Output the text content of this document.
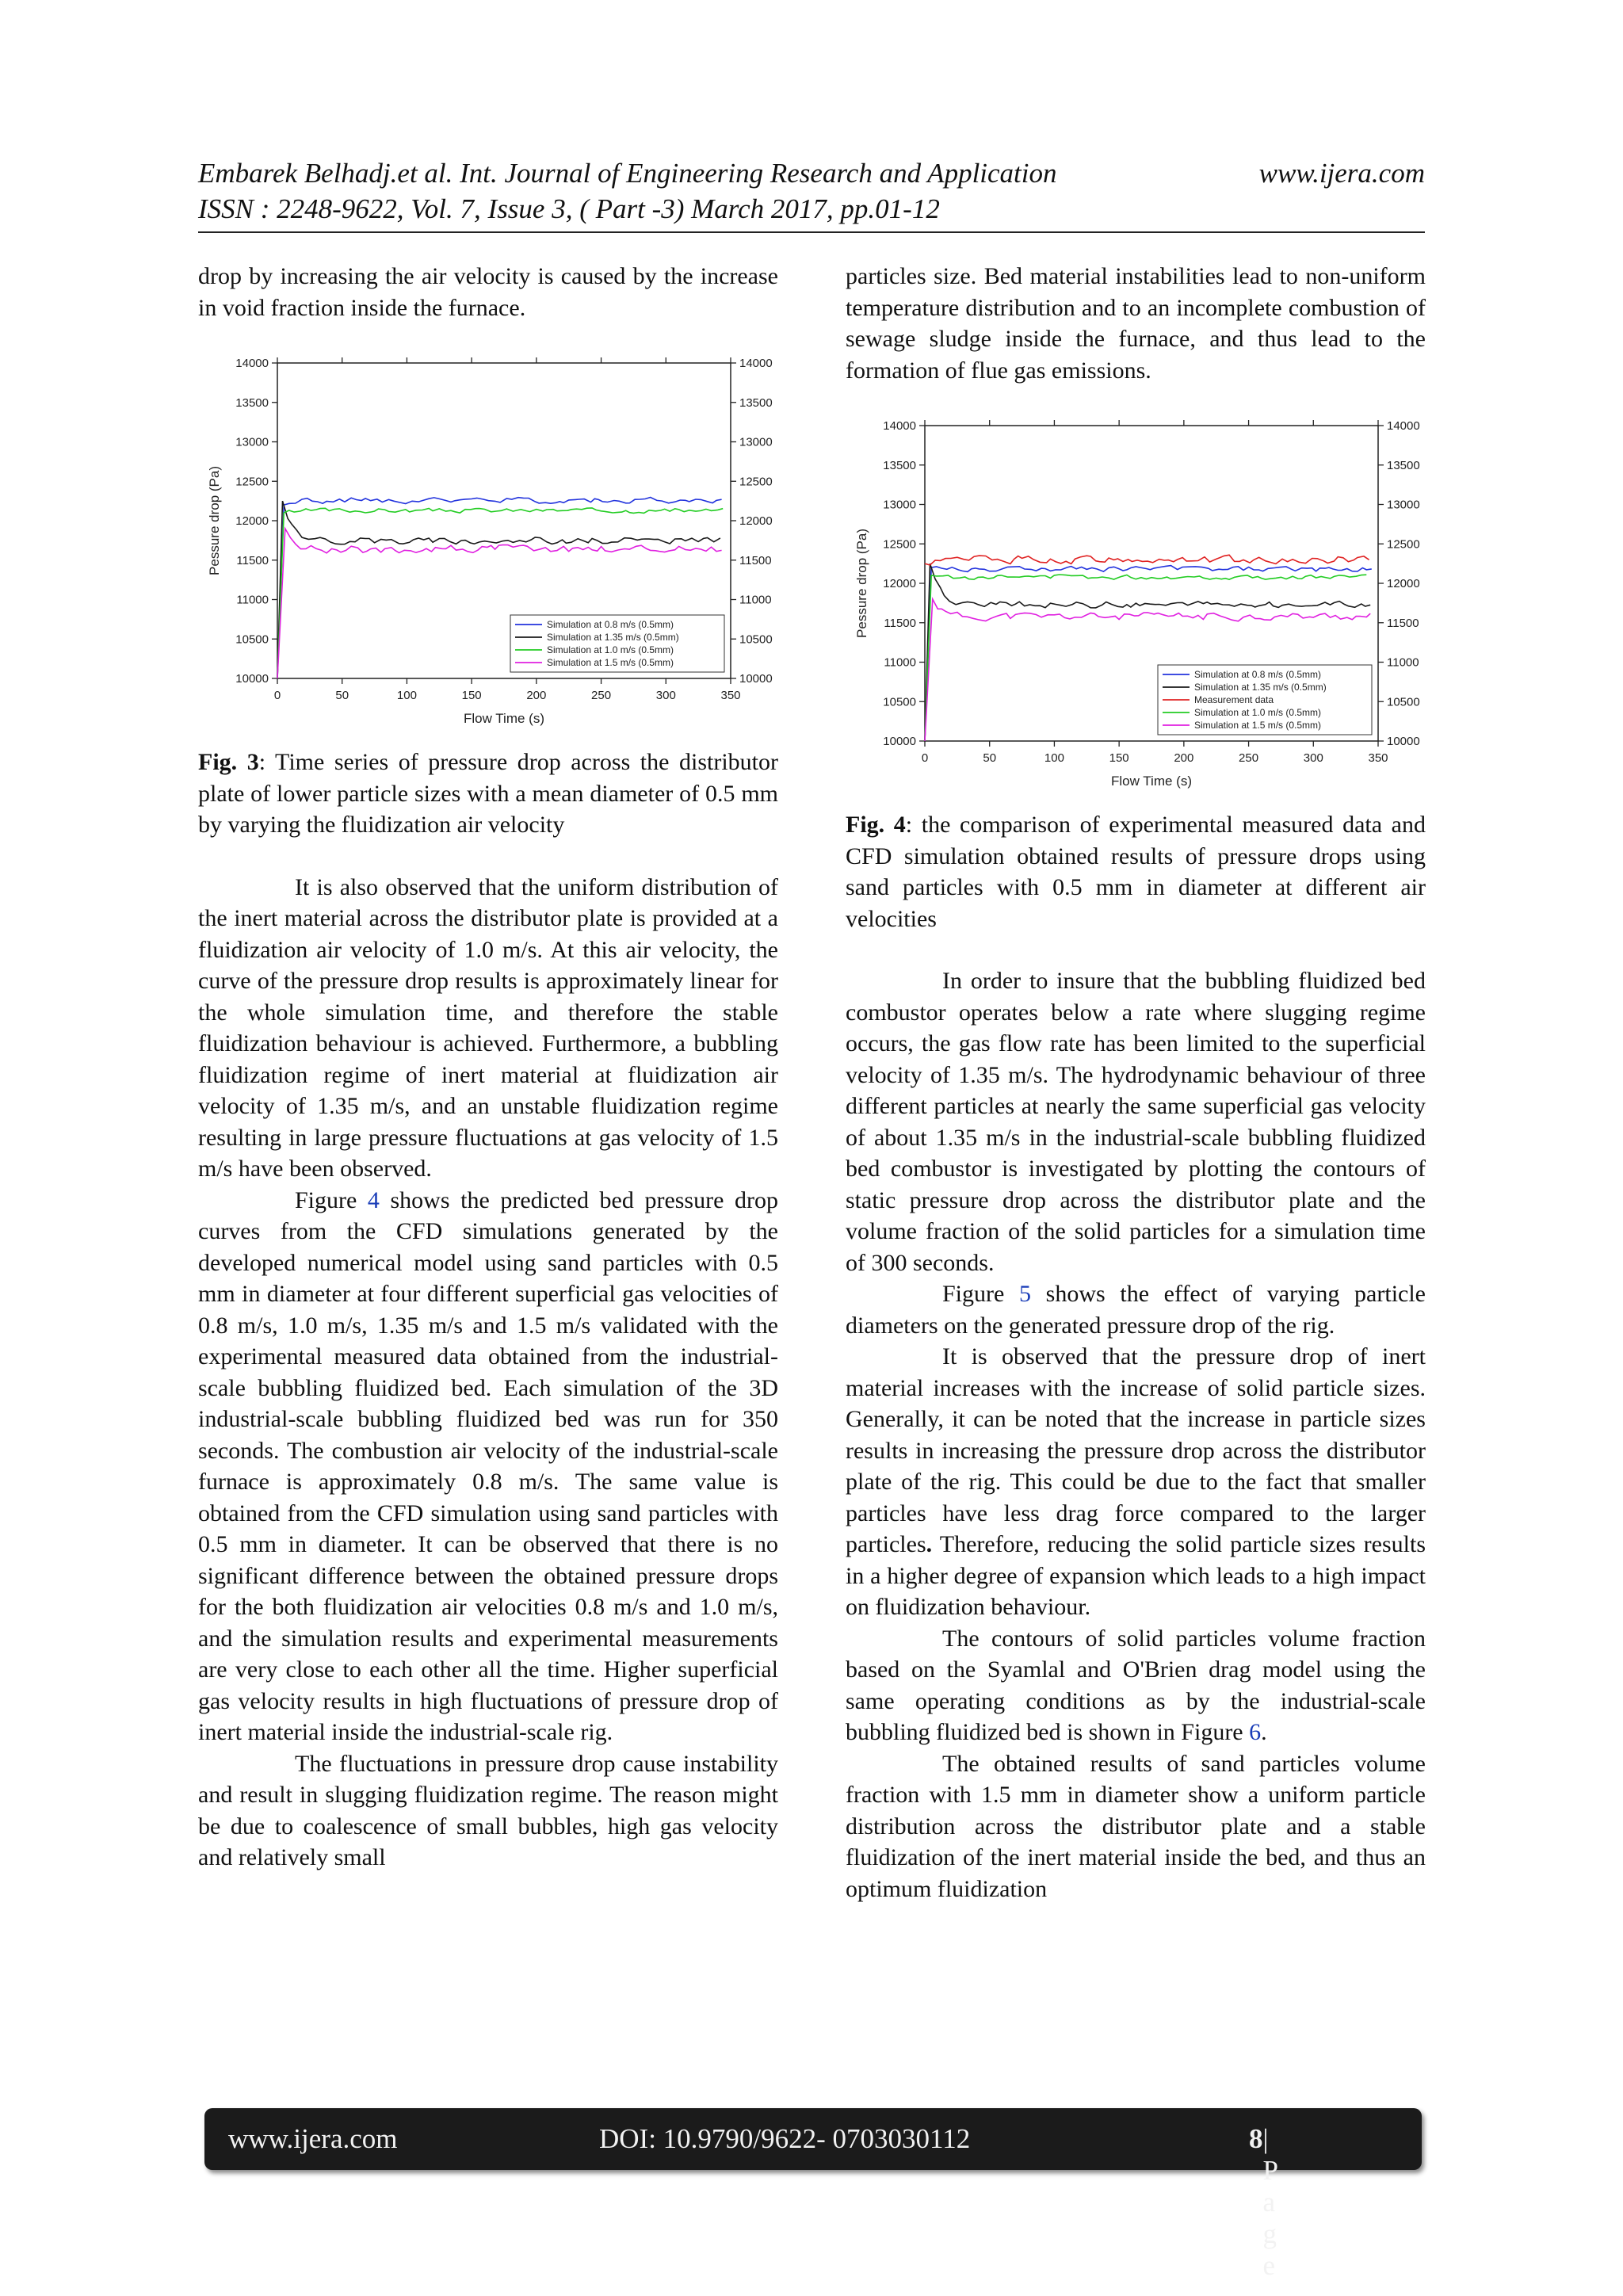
Embarek Belhadj.et al. Int. Journal of Engineering Research and Application	www.ijera.com
ISSN : 2248-9622, Vol. 7, Issue 3, ( Part -3) March 2017, pp.01-12

drop by increasing the air velocity is caused by the increase in void fraction inside the furnace.

10000	10000
10500	10500
11000	11000
11500	11500
12000	12000
12500	12500
13000	13000
13500	13500
14000	14000
0	50	100	150	200	250	300	350
Flow Time (s)
Pessure drop (Pa)
Simulation at 0.8 m/s (0.5mm)
Simulation at 1.35 m/s (0.5mm)
Simulation at 1.0 m/s (0.5mm)
Simulation at 1.5 m/s (0.5mm)

Fig. 3: Time series of pressure drop across the distributor plate of lower particle sizes with a mean diameter of 0.5 mm by varying the fluidization air velocity

It is also observed that the uniform distribution of the inert material across the distributor plate is provided at a fluidization air velocity of 1.0 m/s. At this air velocity, the curve of the pressure drop results is approximately linear for the whole simulation time, and therefore the stable fluidization behaviour is achieved. Furthermore, a bubbling fluidization regime of inert material at fluidization air velocity of 1.35 m/s, and an unstable fluidization regime resulting in large pressure fluctuations at gas velocity of 1.5 m/s have been observed.

Figure 4 shows the predicted bed pressure drop curves from the CFD simulations generated by the developed numerical model using sand particles with 0.5 mm in diameter at four different superficial gas velocities of 0.8 m/s, 1.0 m/s, 1.35 m/s and 1.5 m/s validated with the experimental measured data obtained from the industrial-scale bubbling fluidized bed. Each simulation of the 3D industrial-scale bubbling fluidized bed was run for 350 seconds. The combustion air velocity of the industrial-scale furnace is approximately 0.8 m/s. The same value is obtained from the CFD simulation using sand particles with 0.5 mm in diameter. It can be observed that there is no significant difference between the obtained pressure drops for the both fluidization air velocities 0.8 m/s and 1.0 m/s, and the simulation results and experimental measurements are very close to each other all the time. Higher superficial gas velocity results in high fluctuations of pressure drop of inert material inside the industrial-scale rig.

The fluctuations in pressure drop cause instability and result in slugging fluidization regime. The reason might be due to coalescence of small bubbles, high gas velocity and relatively small

particles size. Bed material instabilities lead to non-uniform temperature distribution and to an incomplete combustion of sewage sludge inside the furnace, and thus lead to the formation of flue gas emissions.

10000	10000
10500	10500
11000	11000
11500	11500
12000	12000
12500	12500
13000	13000
13500	13500
14000	14000
0	50	100	150	200	250	300	350
Flow Time (s)
Pessure drop (Pa)
Simulation at 0.8 m/s (0.5mm)
Simulation at 1.35 m/s (0.5mm)
Measurement data
Simulation at 1.0 m/s (0.5mm)
Simulation at 1.5 m/s (0.5mm)

Fig. 4: the comparison of experimental measured data and CFD simulation obtained results of pressure drops using sand particles with 0.5 mm in diameter at different air velocities

In order to insure that the bubbling fluidized bed combustor operates below a rate where slugging regime occurs, the gas flow rate has been limited to the superficial velocity of 1.35 m/s. The hydrodynamic behaviour of three different particles at nearly the same superficial gas velocity of about 1.35 m/s in the industrial-scale bubbling fluidized bed combustor is investigated by plotting the contours of static pressure drop across the distributor plate and the volume fraction of the solid particles for a simulation time of 300 seconds.

Figure 5 shows the effect of varying particle diameters on the generated pressure drop of the rig.

It is observed that the pressure drop of inert material increases with the increase of solid particle sizes. Generally, it can be noted that the increase in particle sizes results in increasing the pressure drop across the distributor plate of the rig. This could be due to the fact that smaller particles have less drag force compared to the larger particles. Therefore, reducing the solid particle sizes results in a higher degree of expansion which leads to a high impact on fluidization behaviour.

The contours of solid particles volume fraction based on the Syamlal and O'Brien drag model using the same operating conditions as by the industrial-scale bubbling fluidized bed is shown in Figure 6.

The obtained results of sand particles volume fraction with 1.5 mm in diameter show a uniform particle distribution across the distributor plate and a stable fluidization of the inert material inside the bed, and thus an optimum fluidization

www.ijera.com	DOI: 10.9790/9622- 0703030112	8 | P a g e
